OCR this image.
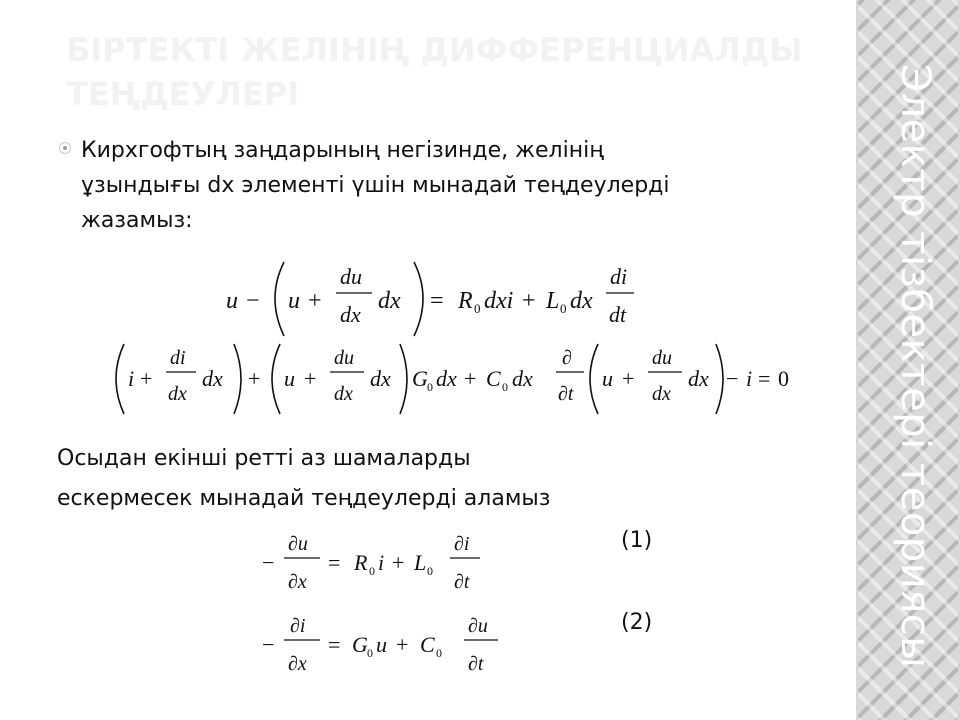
Электр тізбектері теориясы
БІРТЕКТІ ЖЕЛІНІҢ ДИФФЕРЕНЦИАЛДЫ ТЕҢДЕУЛЕРІ
Кирхгофтың заңдарының негізинде, желінің ұзындығы dx элементі үшін мынадай теңдеулерді жазамыз:
u − u +
du
dx
dx = R 0 dxi + L 0 dx
di
dt
i +
di
dx
dx + u +
du
dx
dx G 0 dx + C 0 dx
∂
∂t
u +
du
dx
dx − i = 0
Осыдан екінші ретті аз шамаларды
ескермесек мынадай теңдеулерді аламыз
−
∂u
∂x
= R 0 i + L 0
∂i
∂t
(1)
−
∂i
∂x
= G 0 u + C 0
∂u
∂t
(2)
